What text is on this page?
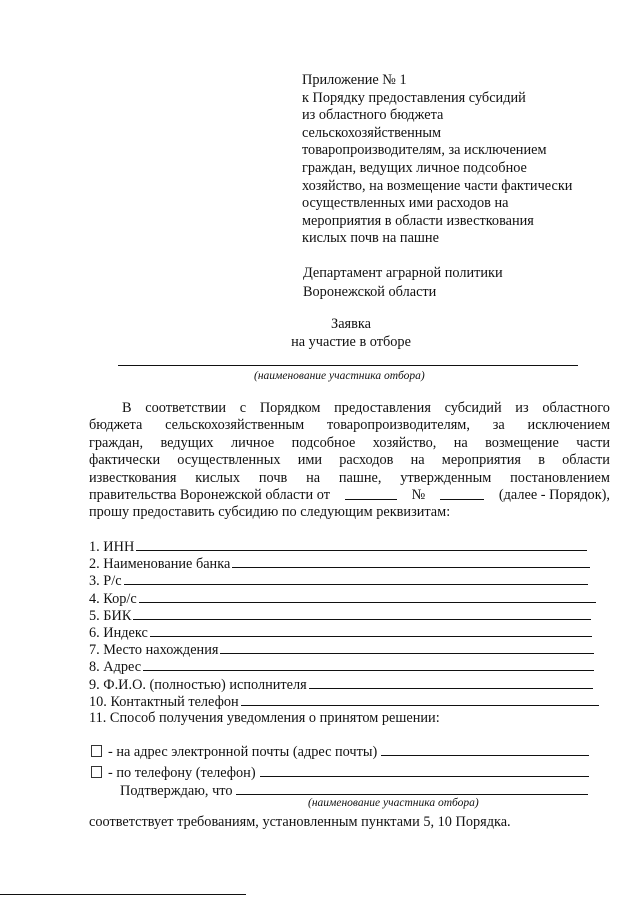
Приложение № 1
к Порядку предоставления субсидий
из областного бюджета
сельскохозяйственным
товаропроизводителям, за исключением
граждан, ведущих личное подсобное
хозяйство, на возмещение части фактически
осуществленных ими расходов на
мероприятия в области известкования
кислых почв на пашне
Департамент аграрной политики
Воронежской области
Заявка
на участие в отборе
(наименование участника отбора)
В соответствии с Порядком предоставления субсидий из областного
бюджета сельскохозяйственным товаропроизводителям, за исключением
граждан, ведущих личное подсобное хозяйство, на возмещение части
фактически осуществленных ими расходов на мероприятия в области
известкования кислых почв на пашне, утвержденным постановлением
правительства Воронежской области от	№	(далее - Порядок),
прошу предоставить субсидию по следующим реквизитам:
1. ИНН
2. Наименование банка
3. Р/с
4. Кор/с
5. БИК
6. Индекс
7. Место нахождения
8. Адрес
9. Ф.И.О. (полностью) исполнителя
10. Контактный телефон
11. Способ получения уведомления о принятом решении:
- на адрес электронной почты (адрес почты)
- по телефону (телефон)
Подтверждаю, что
(наименование участника отбора)
соответствует требованиям, установленным пунктами 5, 10 Порядка.
